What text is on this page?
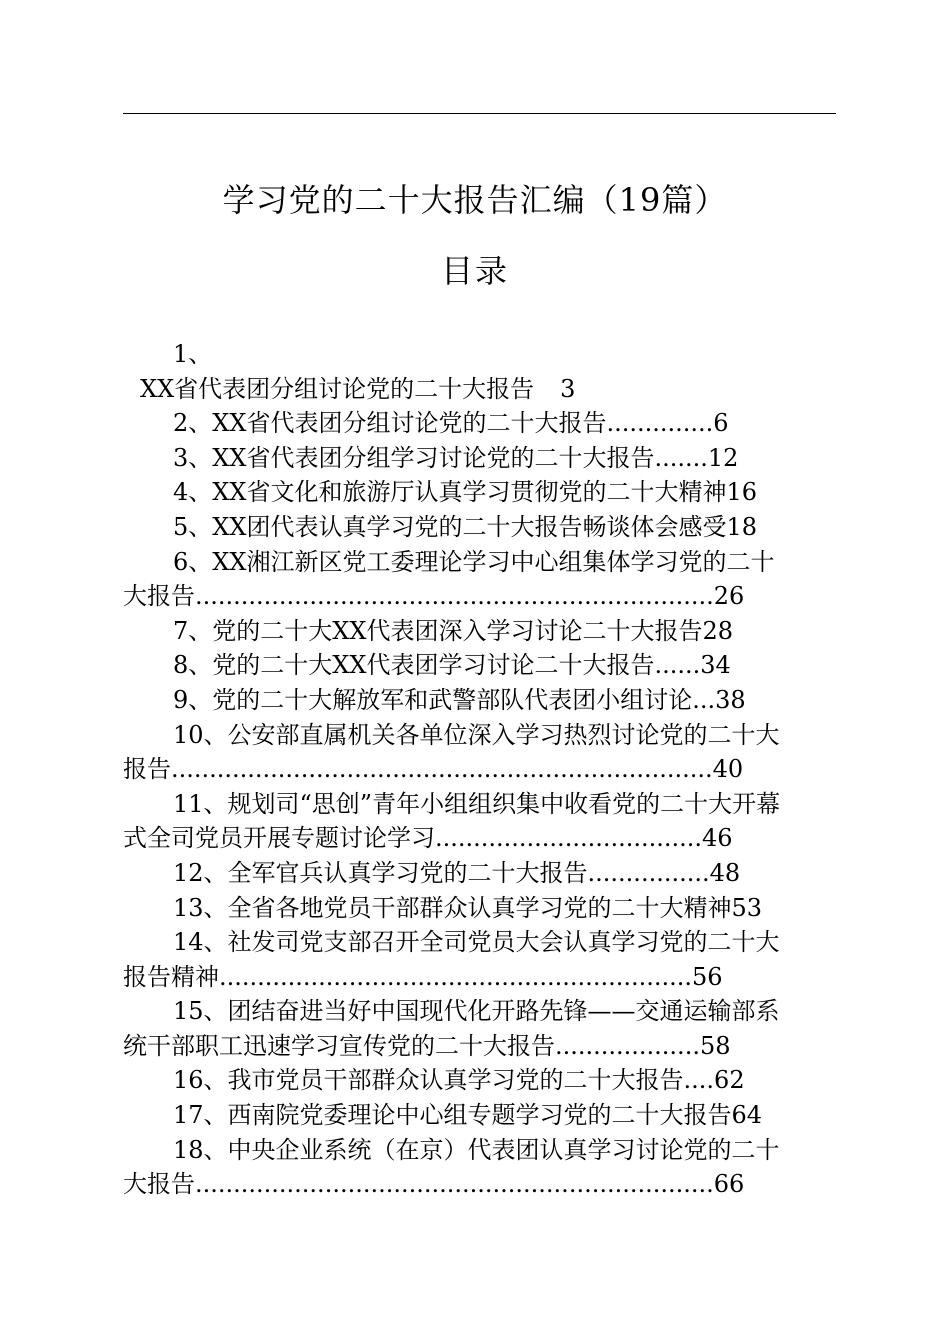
学习党的二十大报告汇编（19篇）
目录
1、
XX省代表团分组讨论党的二十大报告 3
2、XX省代表团分组讨论党的二十大报告..............6
3、XX省代表团分组学习讨论党的二十大报告.......12
4、XX省文化和旅游厅认真学习贯彻党的二十大精神16
5、XX团代表认真学习党的二十大报告畅谈体会感受18
6、XX湘江新区党工委理论学习中心组集体学习党的二十
大报告....................................................................26
7、党的二十大XX代表团深入学习讨论二十大报告28
8、党的二十大XX代表团学习讨论二十大报告......34
9、党的二十大解放军和武警部队代表团小组讨论...38
10、公安部直属机关各单位深入学习热烈讨论党的二十大
报告.......................................................................40
11、规划司“思创”青年小组组织集中收看党的二十大开幕
式全司党员开展专题讨论学习...................................46
12、全军官兵认真学习党的二十大报告................48
13、全省各地党员干部群众认真学习党的二十大精神53
14、社发司党支部召开全司党员大会认真学习党的二十大
报告精神..............................................................56
15、团结奋进当好中国现代化开路先锋——交通运输部系
统干部职工迅速学习宣传党的二十大报告...................58
16、我市党员干部群众认真学习党的二十大报告....62
17、西南院党委理论中心组专题学习党的二十大报告64
18、中央企业系统（在京）代表团认真学习讨论党的二十
大报告....................................................................66
